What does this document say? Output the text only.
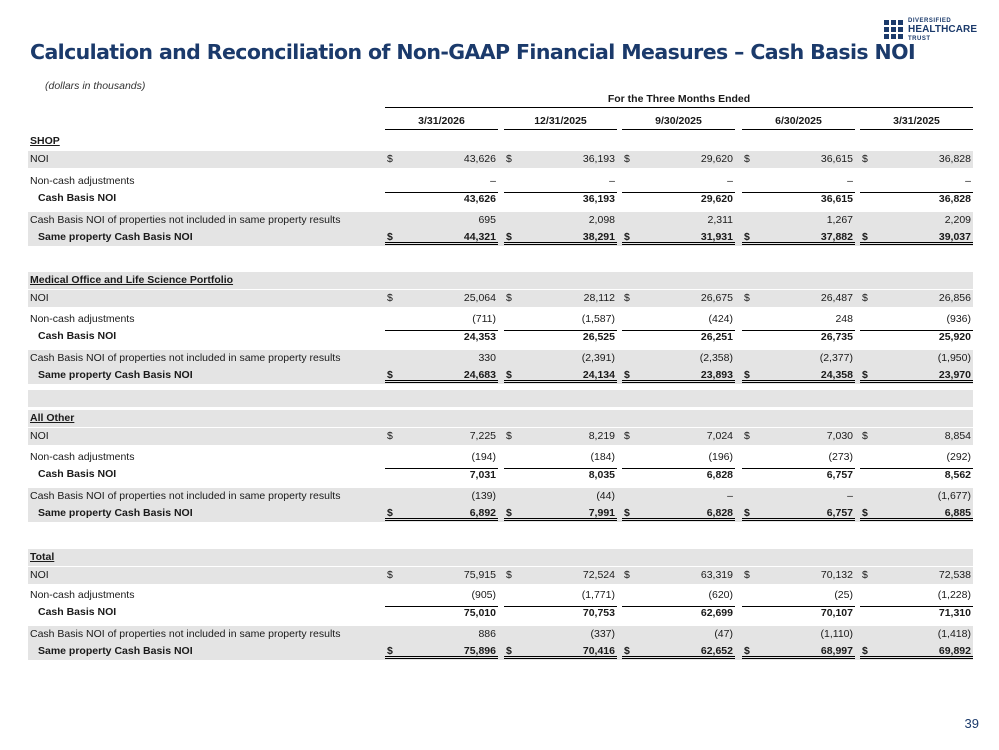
Calculation and Reconciliation of Non-GAAP Financial Measures – Cash Basis NOI
(dollars in thousands)
DIVERSIFIED
HEALTHCARE
TRUST
For the Three Months Ended
3/31/2026	12/31/2025	9/30/2025	6/30/2025	3/31/2025
SHOP
NOI	$	43,626 $	36,193 $	29,620 $	36,615 $	36,828
Non-cash adjustments	–	–	–	–	–
Cash Basis NOI	43,626	36,193	29,620	36,615	36,828
Cash Basis NOI of properties not included in same property results	695	2,098	2,311	1,267	2,209
Same property Cash Basis NOI	$	44,321 $	38,291 $	31,931 $	37,882 $	39,037
Medical Office and Life Science Portfolio
NOI	$	25,064 $	28,112 $	26,675 $	26,487 $	26,856
Non-cash adjustments	(711)	(1,587)	(424)	248	(936)
Cash Basis NOI	24,353	26,525	26,251	26,735	25,920
Cash Basis NOI of properties not included in same property results	330	(2,391)	(2,358)	(2,377)	(1,950)
Same property Cash Basis NOI	$	24,683 $	24,134 $	23,893 $	24,358 $	23,970
All Other
NOI	$	7,225 $	8,219 $	7,024 $	7,030 $	8,854
Non-cash adjustments	(194)	(184)	(196)	(273)	(292)
Cash Basis NOI	7,031	8,035	6,828	6,757	8,562
Cash Basis NOI of properties not included in same property results	(139)	(44)	–	–	(1,677)
Same property Cash Basis NOI	$	6,892 $	7,991 $	6,828 $	6,757 $	6,885
Total
NOI	$	75,915 $	72,524 $	63,319 $	70,132 $	72,538
Non-cash adjustments	(905)	(1,771)	(620)	(25)	(1,228)
Cash Basis NOI	75,010	70,753	62,699	70,107	71,310
Cash Basis NOI of properties not included in same property results	886	(337)	(47)	(1,110)	(1,418)
Same property Cash Basis NOI	$	75,896 $	70,416 $	62,652 $	68,997 $	69,892
39
